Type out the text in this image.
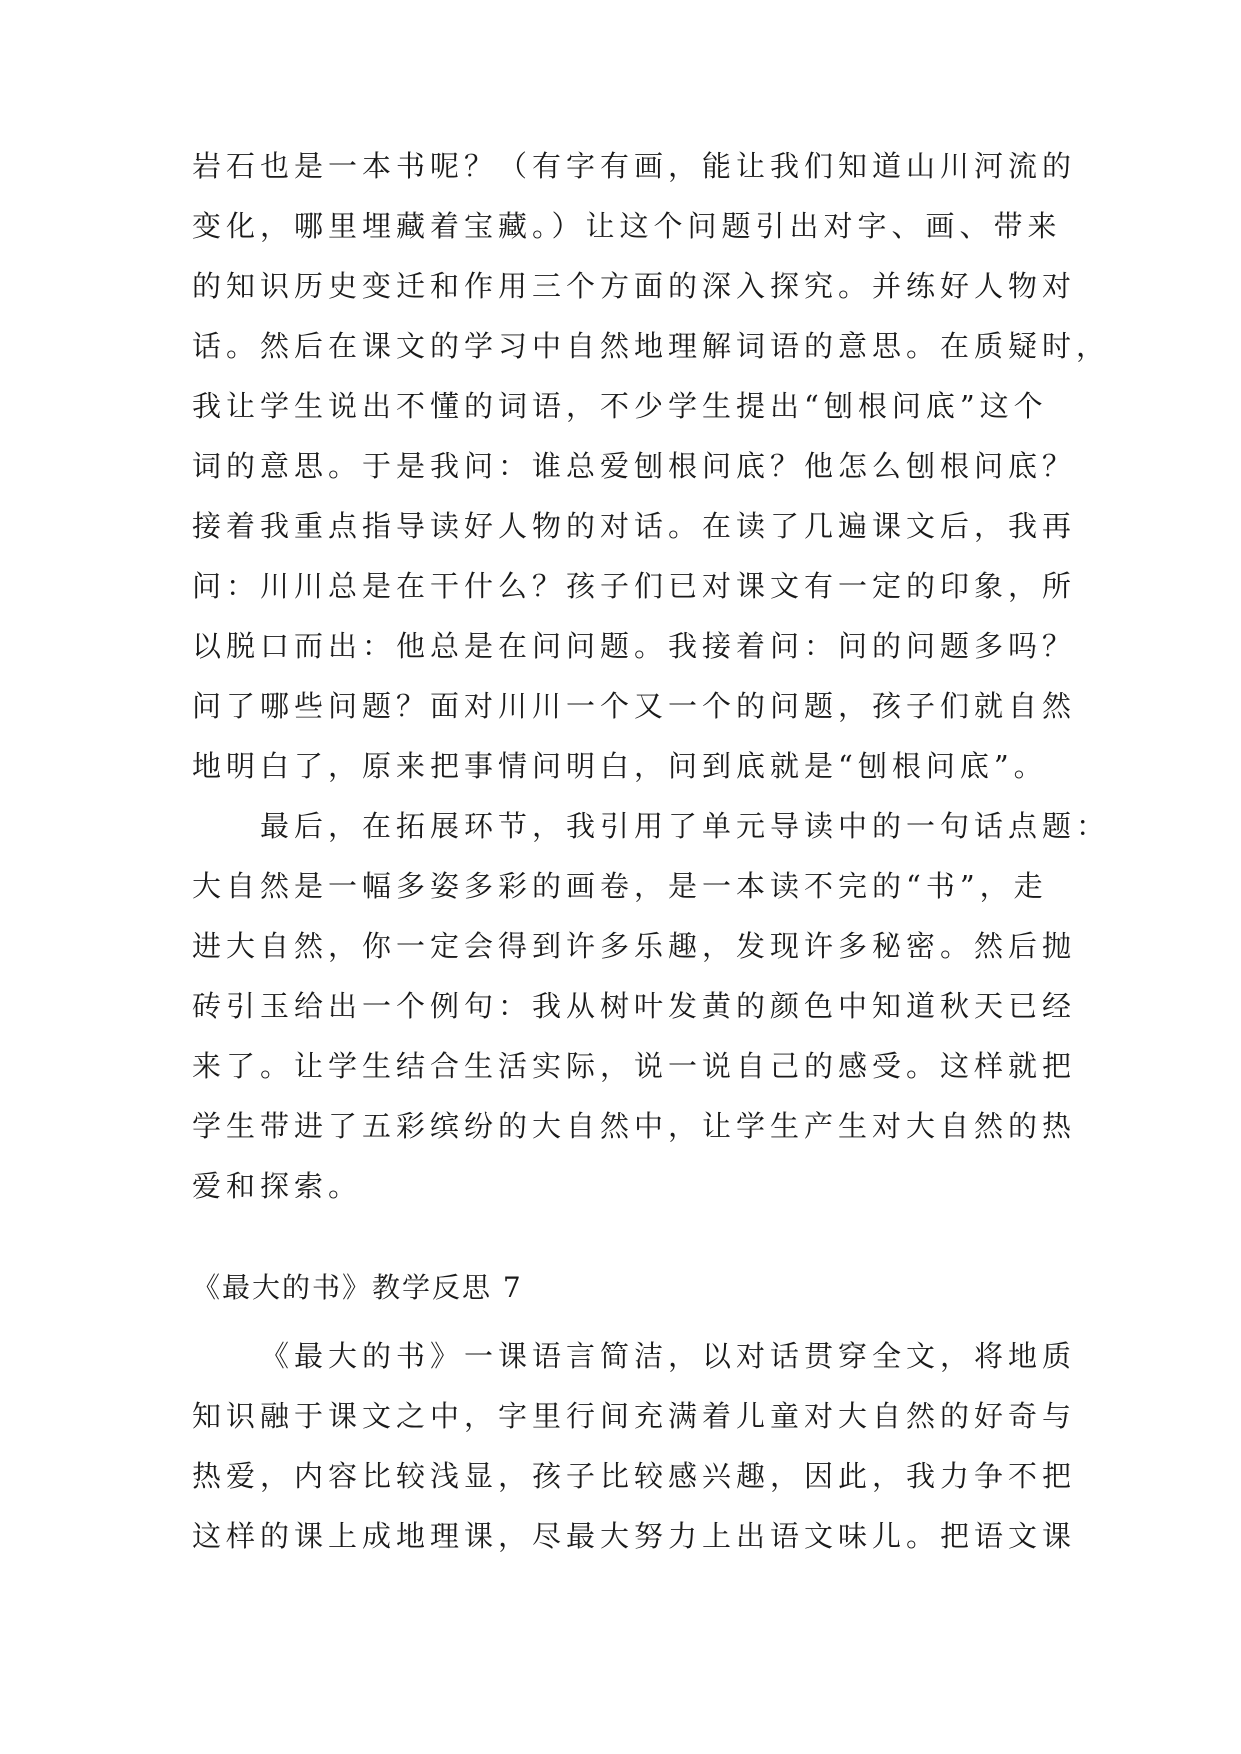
岩石也是一本书呢？（有字有画，能让我们知道山川河流的
变化，哪里埋藏着宝藏。）让这个问题引出对字、画、带来
的知识历史变迁和作用三个方面的深入探究。并练好人物对
话。然后在课文的学习中自然地理解词语的意思。在质疑时，
我让学生说出不懂的词语，不少学生提出“刨根问底”这个
词的意思。于是我问：谁总爱刨根问底？他怎么刨根问底？
接着我重点指导读好人物的对话。在读了几遍课文后，我再
问：川川总是在干什么？孩子们已对课文有一定的印象，所
以脱口而出：他总是在问问题。我接着问：问的问题多吗？
问了哪些问题？面对川川一个又一个的问题，孩子们就自然
地明白了，原来把事情问明白，问到底就是“刨根问底”。
最后，在拓展环节，我引用了单元导读中的一句话点题：
大自然是一幅多姿多彩的画卷，是一本读不完的“书”，走
进大自然，你一定会得到许多乐趣，发现许多秘密。然后抛
砖引玉给出一个例句：我从树叶发黄的颜色中知道秋天已经
来了。让学生结合生活实际，说一说自己的感受。这样就把
学生带进了五彩缤纷的大自然中，让学生产生对大自然的热
爱和探索。
《最大的书》教学反思 7
《最大的书》一课语言简洁，以对话贯穿全文，将地质
知识融于课文之中，字里行间充满着儿童对大自然的好奇与
热爱，内容比较浅显，孩子比较感兴趣，因此，我力争不把
这样的课上成地理课，尽最大努力上出语文味儿。把语文课
